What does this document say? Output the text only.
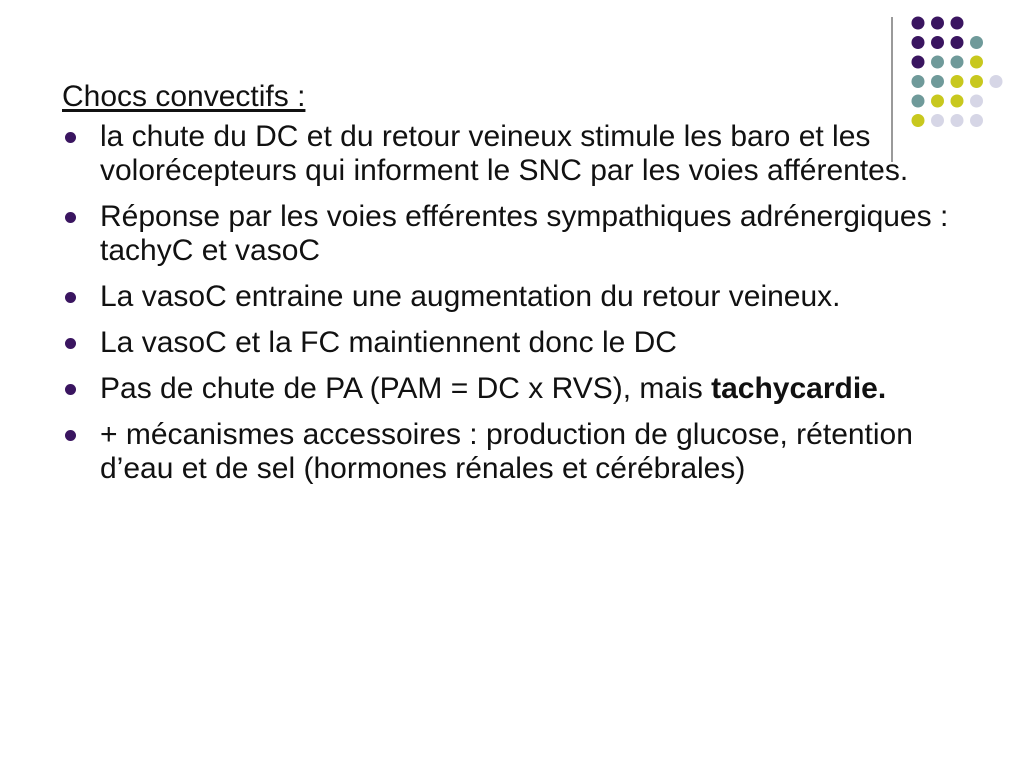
Chocs convectifs :
la chute du DC et du retour veineux stimule les baro et les volorécepteurs qui informent le SNC par les voies afférentes.
Réponse par les voies efférentes sympathiques adrénergiques : tachyC et vasoC
La vasoC entraine une augmentation du retour veineux.
La vasoC et la FC maintiennent donc le DC
Pas de chute de PA (PAM = DC x RVS), mais tachycardie.
+ mécanismes accessoires : production de glucose, rétention d’eau et de sel (hormones rénales et cérébrales)
